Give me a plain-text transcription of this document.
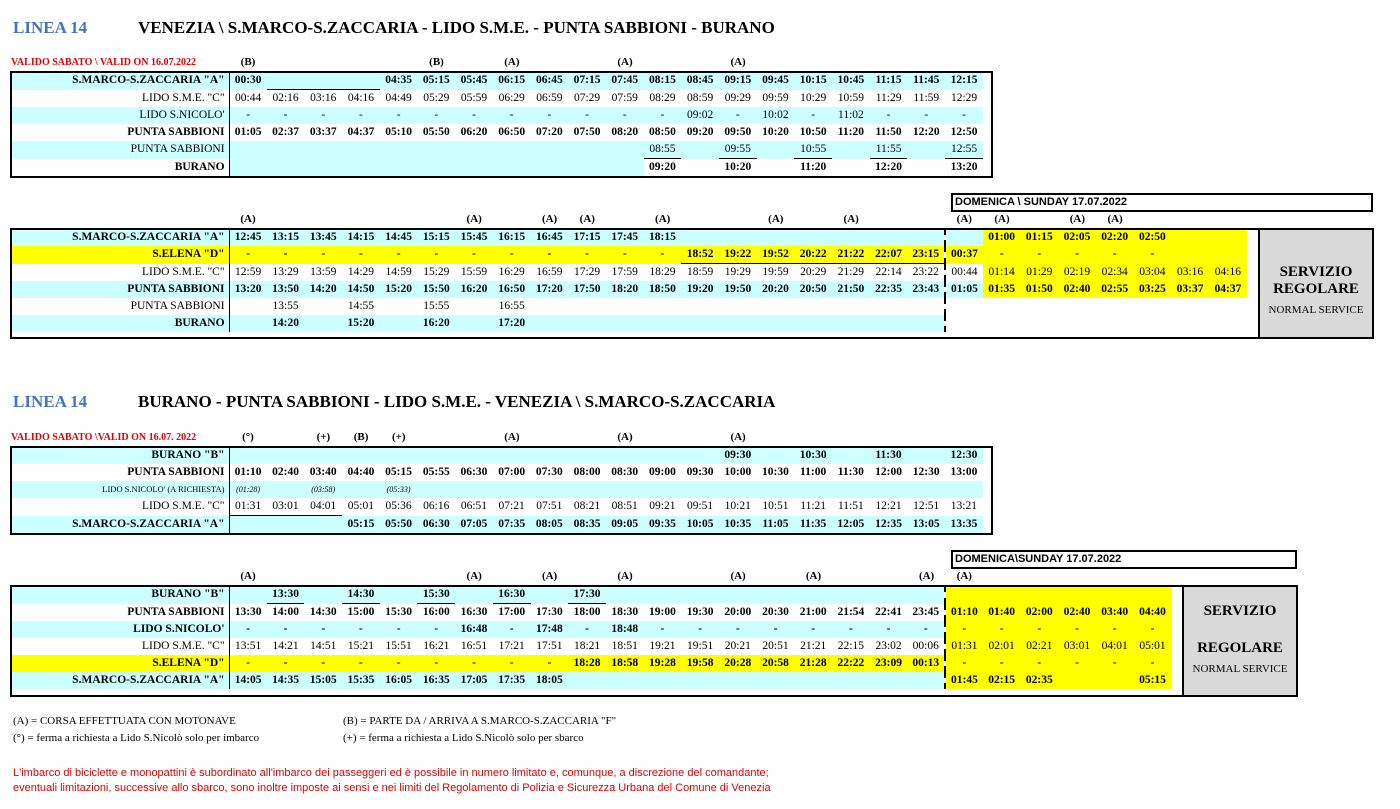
LINEA 14	VENEZIA \ S.MARCO-S.ZACCARIA - LIDO S.M.E. - PUNTA SABBIONI - BURANO
VALIDO SABATO \ VALID ON 16.07.2022	(B)	(B)	(A)	(A)	(A)
S.MARCO-S.ZACCARIA "A"	00:30				04:35	05:15	05:45	06:15	06:45	07:15	07:45	08:15	08:45	09:15	09:45	10:15	10:45	11:15	11:45	12:15
LIDO S.M.E. "C"	00:44	02:16	03:16	04:16	04:49	05:29	05:59	06:29	06:59	07:29	07:59	08:29	08:59	09:29	09:59	10:29	10:59	11:29	11:59	12:29
LIDO S.NICOLO'	-	-	-	-	-	-	-	-	-	-	-	-	09:02	-	10:02	-	11:02	-	-	-
PUNTA SABBIONI	01:05	02:37	03:37	04:37	05:10	05:50	06:20	06:50	07:20	07:50	08:20	08:50	09:20	09:50	10:20	10:50	11:20	11:50	12:20	12:50
PUNTA SABBIONI												08:55		09:55		10:55		11:55		12:55
BURANO												09:20		10:20		11:20		12:20		13:20
DOMENICA \ SUNDAY 17.07.2022
(A)	(A)	(A)	(A)	(A)	(A)	(A)	(A)	(A)	(A)	(A)
S.MARCO-S.ZACCARIA "A"	12:45	13:15	13:45	14:15	14:45	15:15	15:45	16:15	16:45	17:15	17:45	18:15									01:00	01:15	02:05	02:20	02:50		
S.ELENA "D"	-	-	-	-	-	-	-	-	-	-	-	-	18:52	19:22	19:52	20:22	21:22	22:07	23:15	00:37	-	-	-	-	-		
LIDO S.M.E. "C"	12:59	13:29	13:59	14:29	14:59	15:29	15:59	16:29	16:59	17:29	17:59	18:29	18:59	19:29	19:59	20:29	21:29	22:14	23:22	00:44	01:14	01:29	02:19	02:34	03:04	03:16	04:16
PUNTA SABBIONI	13:20	13:50	14:20	14:50	15:20	15:50	16:20	16:50	17:20	17:50	18:20	18:50	19:20	19:50	20:20	20:50	21:50	22:35	23:43	01:05	01:35	01:50	02:40	02:55	03:25	03:37	04:37
PUNTA SABBIONI		13:55		14:55		15:55		16:55																			
BURANO		14:20		15:20		16:20		17:20																			
SERVIZIO
REGOLARE
NORMAL SERVICE
LINEA 14	BURANO - PUNTA SABBIONI - LIDO S.M.E. - VENEZIA \ S.MARCO-S.ZACCARIA
VALIDO SABATO \VALID ON 16.07. 2022	(°)	(+)	(B)	(+)	(A)	(A)	(A)
BURANO "B"														09:30		10:30		11:30		12:30
PUNTA SABBIONI	01:10	02:40	03:40	04:40	05:15	05:55	06:30	07:00	07:30	08:00	08:30	09:00	09:30	10:00	10:30	11:00	11:30	12:00	12:30	13:00
LIDO S.NICOLO' (A RICHIESTA)	(01:28)		(03:58)		(05:33)															
LIDO S.M.E. "C"	01:31	03:01	04:01	05:01	05:36	06:16	06:51	07:21	07:51	08:21	08:51	09:21	09:51	10:21	10:51	11:21	11:51	12:21	12:51	13:21
S.MARCO-S.ZACCARIA "A"				05:15	05:50	06:30	07:05	07:35	08:05	08:35	09:05	09:35	10:05	10:35	11:05	11:35	12:05	12:35	13:05	13:35
DOMENICA\SUNDAY 17.07.2022
(A)	(A)	(A)	(A)	(A)	(A)	(A)	(A)
BURANO "B"		13:30		14:30		15:30		16:30		17:30															
PUNTA SABBIONI	13:30	14:00	14:30	15:00	15:30	16:00	16:30	17:00	17:30	18:00	18:30	19:00	19:30	20:00	20:30	21:00	21:54	22:41	23:45	01:10	01:40	02:00	02:40	03:40	04:40
LIDO S.NICOLO'	-	-	-	-	-	-	16:48	-	17:48	-	18:48	-	-	-	-	-	-	-	-	-	-	-	-	-	-
LIDO S.M.E. "C"	13:51	14:21	14:51	15:21	15:51	16:21	16:51	17:21	17:51	18:21	18:51	19:21	19:51	20:21	20:51	21:21	22:15	23:02	00:06	01:31	02:01	02:21	03:01	04:01	05:01
S.ELENA "D"	-	-	-	-	-	-	-	-	-	18:28	18:58	19:28	19:58	20:28	20:58	21:28	22:22	23:09	00:13	-	-	-	-	-	-
S.MARCO-S.ZACCARIA "A"	14:05	14:35	15:05	15:35	16:05	16:35	17:05	17:35	18:05											01:45	02:15	02:35			05:15
SERVIZIO
REGOLARE
NORMAL SERVICE
(A) = CORSA EFFETTUATA CON MOTONAVE	(B) = PARTE DA / ARRIVA A S.MARCO-S.ZACCARIA "F"
(°) = ferma a richiesta a Lido S.Nicolò solo per imbarco	(+) = ferma a richiesta a Lido S.Nicolò solo per sbarco
L'imbarco di biciclette e monopattini è subordinato all'imbarco dei passeggeri ed è possibile in numero limitato e, comunque, a discrezione del comandante;
eventuali limitazioni, successive allo sbarco, sono inoltre imposte ai sensi e nei limiti del Regolamento di Polizia e Sicurezza Urbana del Comune di Venezia
